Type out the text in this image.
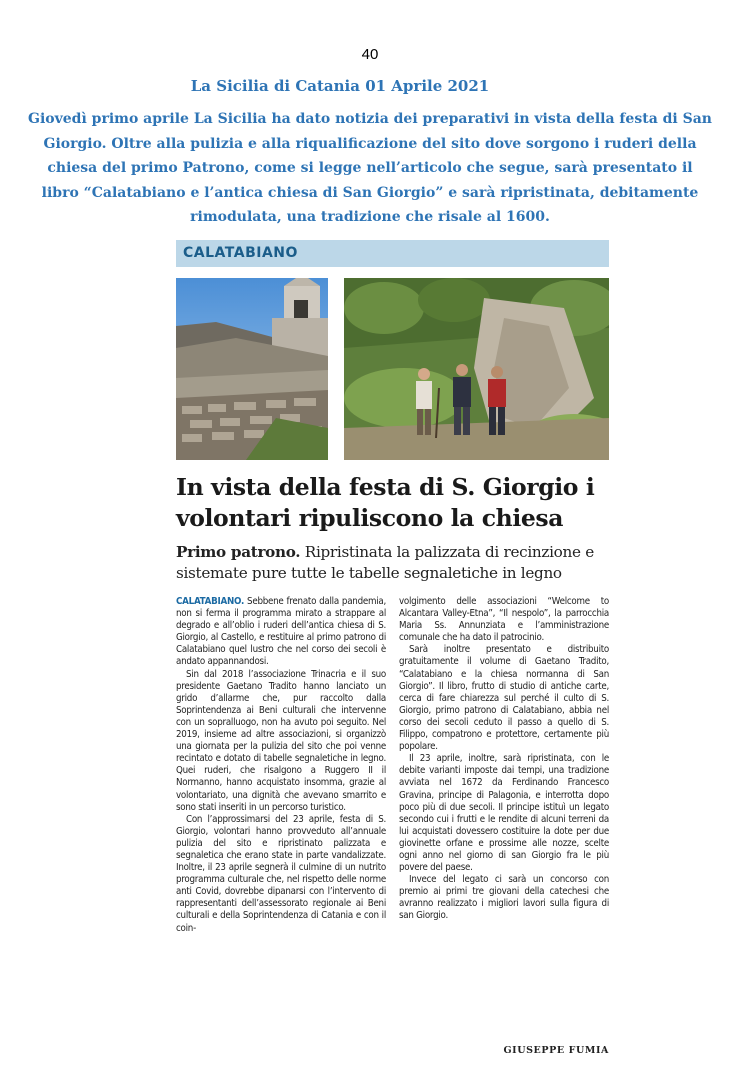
40
La Sicilia di Catania 01 Aprile 2021
Giovedì primo aprile La Sicilia ha dato notizia dei preparativi in vista della festa di San Giorgio. Oltre alla pulizia e alla riqualificazione del sito dove sorgono i ruderi della chiesa del primo Patrono, come si legge nell’articolo che segue, sarà presentato il libro “Calatabiano e l’antica chiesa di San Giorgio” e sarà ripristinata, debitamente rimodulata, una tradizione che risale al 1600.
CALATABIANO
In vista della festa di S. Giorgio i volontari ripuliscono la chiesa
Primo patrono. Ripristinata la palizzata di recinzione e sistemate pure tutte le tabelle segnaletiche in legno

CALATABIANO. Sebbene frenato dalla pandemia, non si ferma il programma mirato a strappare al degrado e all’oblio i ruderi dell’antica chiesa di S. Giorgio, al Castello, e restituire al primo patrono di Calatabiano quel lustro che nel corso dei secoli è andato appannandosi.

Sin dal 2018 l’associazione Trinacria e il suo presidente Gaetano Tradito hanno lanciato un grido d’allarme che, pur raccolto dalla Soprintendenza ai Beni culturali che intervenne con un sopralluogo, non ha avuto poi seguito. Nel 2019, insieme ad altre associazioni, si organizzò una giornata per la pulizia del sito che poi venne recintato e dotato di tabelle segnaletiche in legno. Quei ruderi, che risalgono a Ruggero II il Normanno, hanno acquistato insomma, grazie al volontariato, una dignità che avevano smarrito e sono stati inseriti in un percorso turistico.

Con l’approssimarsi del 23 aprile, festa di S. Giorgio, volontari hanno provveduto all’annuale pulizia del sito e ripristinato palizzata e segnaletica che erano state in parte vandalizzate. Inoltre, il 23 aprile segnerà il culmine di un nutrito programma culturale che, nel rispetto delle norme anti Covid, dovrebbe dipanarsi con l’intervento di rappresentanti dell’assessorato regionale ai Beni culturali e della Soprintendenza di Catania e con il coin-

volgimento delle associazioni “Welcome to Alcantara Valley-Etna”, “Il nespolo”, la parrocchia Maria Ss. Annunziata e l’amministrazione comunale che ha dato il patrocinio.

Sarà inoltre presentato e distribuito gratuitamente il volume di Gaetano Tradito, “Calatabiano e la chiesa normanna di San Giorgio”. Il libro, frutto di studio di antiche carte, cerca di fare chiarezza sul perché il culto di S. Giorgio, primo patrono di Calatabiano, abbia nel corso dei secoli ceduto il passo a quello di S. Filippo, compatrono e protettore, certamente più popolare.

Il 23 aprile, inoltre, sarà ripristinata, con le debite varianti imposte dai tempi, una tradizione avviata nel 1672 da Ferdinando Francesco Gravina, principe di Palagonia, e interrotta dopo poco più di due secoli. Il principe istituì un legato secondo cui i frutti e le rendite di alcuni terreni da lui acquistati dovessero costituire la dote per due giovinette orfane e prossime alle nozze, scelte ogni anno nel giorno di san Giorgio fra le più povere del paese.

Invece del legato ci sarà un concorso con premio ai primi tre giovani della catechesi che avranno realizzato i migliori lavori sulla figura di san Giorgio.

GIUSEPPE FUMIA
